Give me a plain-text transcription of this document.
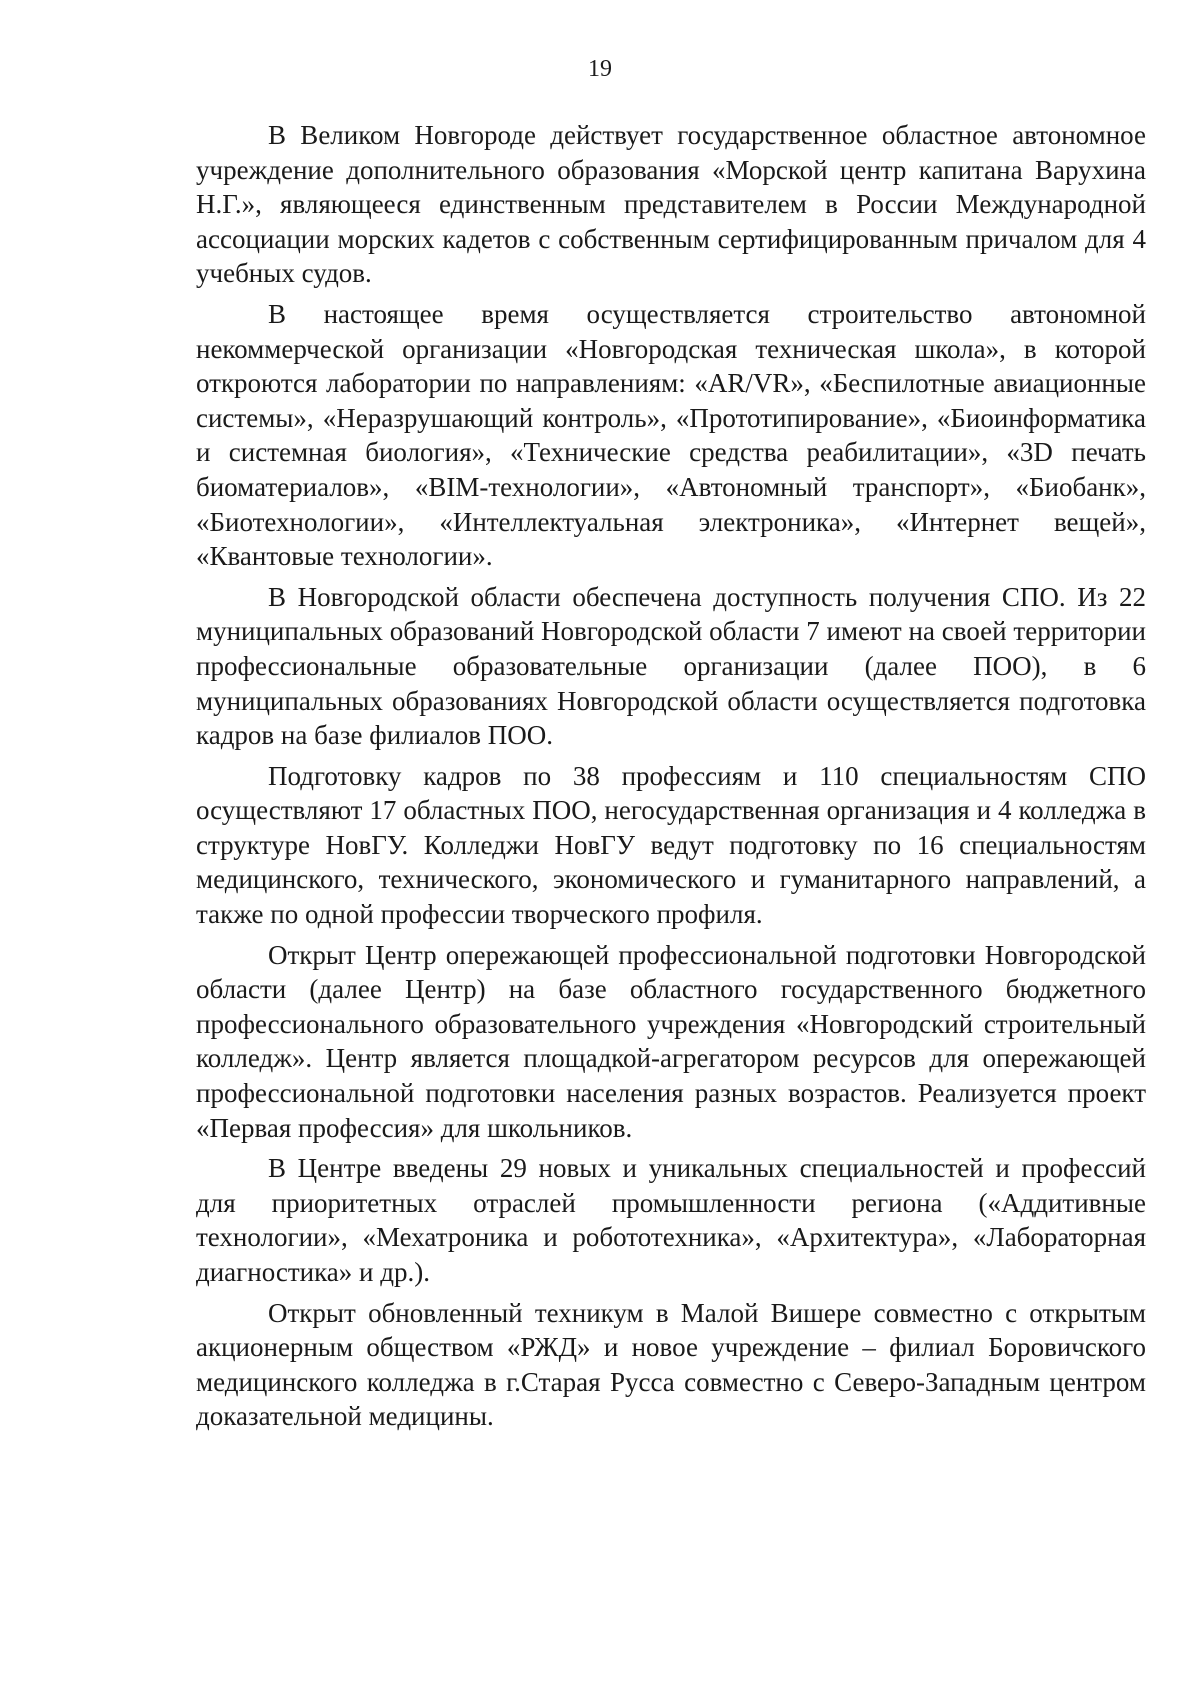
19

В Великом Новгороде действует государственное областное автономное учреждение дополнительного образования «Морской центр капитана Варухина Н.Г.», являющееся единственным представителем в России Международной ассоциации морских кадетов с собственным сертифицированным причалом для 4 учебных судов.

В настоящее время осуществляется строительство автономной некоммерческой организации «Новгородская техническая школа», в которой откроются лаборатории по направлениям: «AR/VR», «Беспилотные авиационные системы», «Неразрушающий контроль», «Прототипирование», «Биоинформатика и системная биология», «Технические средства реабилитации», «3D печать биоматериалов», «BIM-технологии», «Автономный транспорт», «Биобанк», «Биотехнологии», «Интеллектуальная электроника», «Интернет вещей», «Квантовые технологии».

В Новгородской области обеспечена доступность получения СПО. Из 22 муниципальных образований Новгородской области 7 имеют на своей территории профессиональные образовательные организации (далее ПОО), в 6 муниципальных образованиях Новгородской области осуществляется подготовка кадров на базе филиалов ПОО.

Подготовку кадров по 38 профессиям и 110 специальностям СПО осуществляют 17 областных ПОО, негосударственная организация и 4 колледжа в структуре НовГУ. Колледжи НовГУ ведут подготовку по 16 специальностям медицинского, технического, экономического и гуманитарного направлений, а также по одной профессии творческого профиля.

Открыт Центр опережающей профессиональной подготовки Новгородской области (далее Центр) на базе областного государственного бюджетного профессионального образовательного учреждения «Новгородский строительный колледж». Центр является площадкой-агрегатором ресурсов для опережающей профессиональной подготовки населения разных возрастов. Реализуется проект «Первая профессия» для школьников.

В Центре введены 29 новых и уникальных специальностей и профессий для приоритетных отраслей промышленности региона («Аддитивные технологии», «Мехатроника и робототехника», «Архитектура», «Лабораторная диагностика» и др.).

Открыт обновленный техникум в Малой Вишере совместно с открытым акционерным обществом «РЖД» и новое учреждение – филиал Боровичского медицинского колледжа в г.Старая Русса совместно с Северо-Западным центром доказательной медицины.
